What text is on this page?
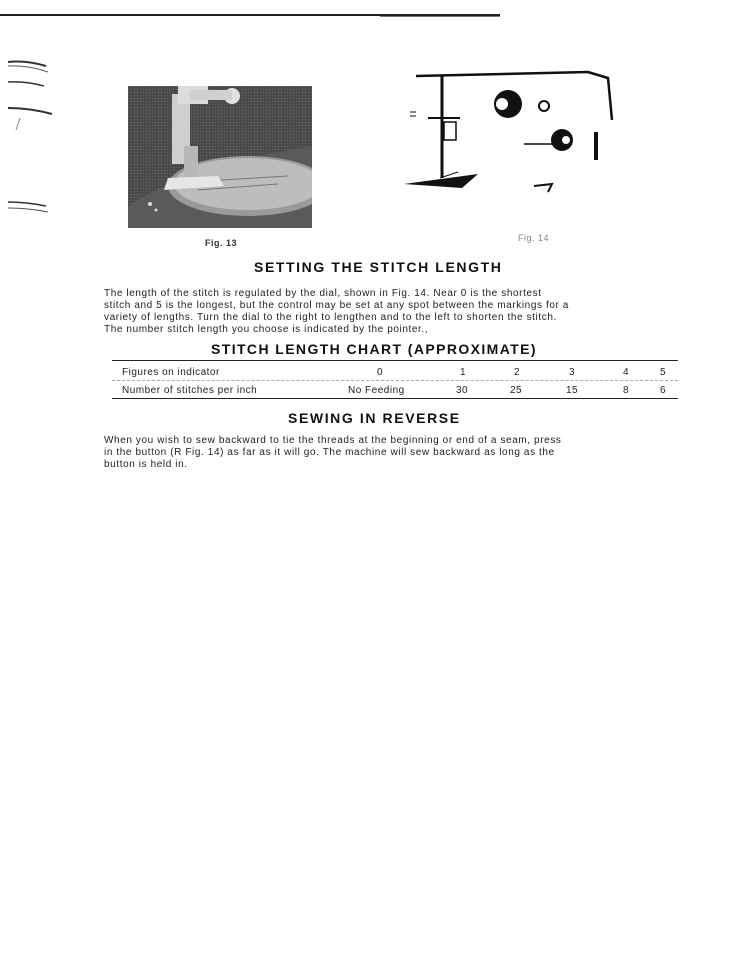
Fig. 13	Fig. 14
SETTING THE STITCH LENGTH
The length of the stitch is regulated by the dial, shown in Fig. 14. Near 0 is the shortest
stitch and 5 is the longest, but the control may be set at any spot between the markings for a
variety of lengths. Turn the dial to the right to lengthen and to the left to shorten the stitch.
The number stitch length you choose is indicated by the pointer.,
STITCH LENGTH CHART (APPROXIMATE)
Figures on indicator	0	1	2	3	4	5
Number of stitches per inch	No Feeding	30	25	15	8	6
SEWING IN REVERSE
When you wish to sew backward to tie the threads at the beginning or end of a seam, press
in the button (R Fig. 14) as far as it will go. The machine will sew backward as long as the
button is held in.
